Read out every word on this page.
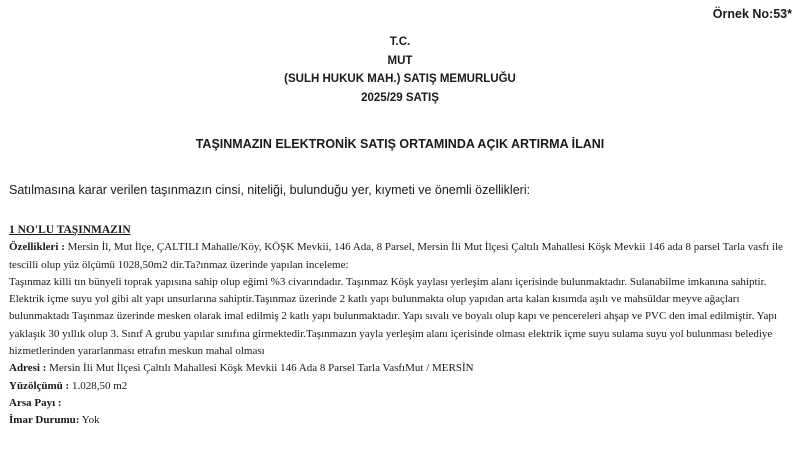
Örnek No:53*
T.C.
MUT
(SULH HUKUK MAH.) SATIŞ MEMURLUĞU
2025/29 SATIŞ
TAŞINMAZIN ELEKTRONİK SATIŞ ORTAMINDA AÇIK ARTIRMA İLANI
Satılmasına karar verilen taşınmazın cinsi, niteliği, bulunduğu yer, kıymeti ve önemli özellikleri:

1 NO'LU TAŞINMAZIN

Özellikleri : Mersin İl, Mut İlçe, ÇALTILI Mahalle/Köy, KÖŞK Mevkii, 146 Ada, 8 Parsel, Mersin İli Mut İlçesi Çaltılı Mahallesi Köşk Mevkii 146 ada 8 parsel Tarla vasfı ile tescilli olup yüz ölçümü 1028,50m2 dir.Ta?ınmaz üzerinde yapılan inceleme:

Taşınmaz killi tın bünyeli toprak yapısına sahip olup eğimi %3 civarındadır. Taşınmaz Köşk yaylası yerleşim alanı içerisinde bulunmaktadır. Sulanabilme imkanına sahiptir. Elektrik içme suyu yol gibi alt yapı unsurlarına sahiptir.Taşınmaz üzerinde 2 katlı yapı bulunmakta olup yapıdan arta kalan kısımda aşılı ve mahsüldar meyve ağaçları bulunmaktadı Taşınmaz üzerinde mesken olarak imal edilmiş 2 katlı yapı bulunmaktadır. Yapı sıvalı ve boyalı olup kapı ve pencereleri ahşap ve PVC den imal edilmiştir. Yapı yaklaşık 30 yıllık olup 3. Sınıf A grubu yapılar sınıfına girmektedir.Taşınmazın yayla yerleşim alanı içerisinde olması elektrik içme suyu sulama suyu yol bulunması belediye

hizmetlerinden yararlanması etrafın meskun mahal olması

Adresi : Mersin İli Mut İlçesi Çaltılı Mahallesi Köşk Mevkii 146 Ada 8 Parsel Tarla VasfıMut / MERSİN

Yüzölçümü : 1.028,50 m2

Arsa Payı :

İmar Durumu: Yok
